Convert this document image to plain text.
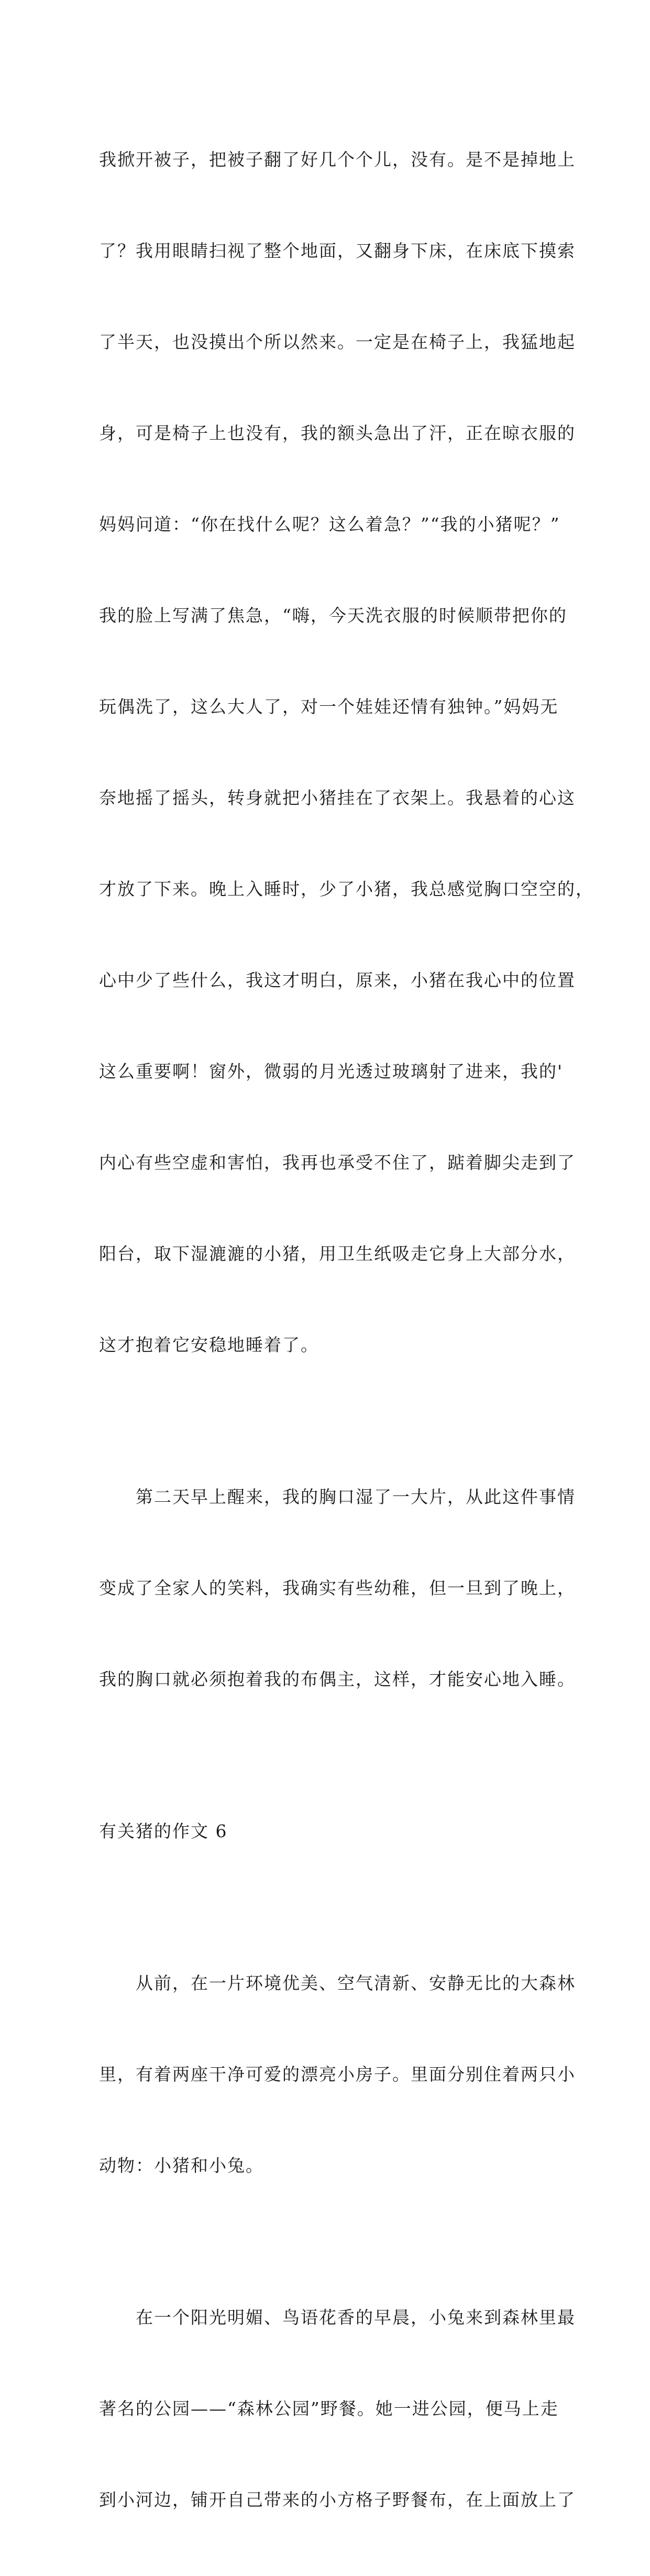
我掀开被子，把被子翻了好几个个儿，没有。是不是掉地上

了？我用眼睛扫视了整个地面，又翻身下床，在床底下摸索

了半天，也没摸出个所以然来。一定是在椅子上，我猛地起

身，可是椅子上也没有，我的额头急出了汗，正在晾衣服的

妈妈问道：“你在找什么呢？这么着急？”“我的小猪呢？”

我的脸上写满了焦急，“嗨，今天洗衣服的时候顺带把你的

玩偶洗了，这么大人了，对一个娃娃还情有独钟。”妈妈无

奈地摇了摇头，转身就把小猪挂在了衣架上。我悬着的心这

才放了下来。晚上入睡时，少了小猪，我总感觉胸口空空的，

心中少了些什么，我这才明白，原来，小猪在我心中的位置

这么重要啊！窗外，微弱的月光透过玻璃射了进来，我的'

内心有些空虚和害怕，我再也承受不住了，踮着脚尖走到了

阳台，取下湿漉漉的小猪，用卫生纸吸走它身上大部分水，

这才抱着它安稳地睡着了。

　　第二天早上醒来，我的胸口湿了一大片，从此这件事情

变成了全家人的笑料，我确实有些幼稚，但一旦到了晚上，

我的胸口就必须抱着我的布偶主，这样，才能安心地入睡。

有关猪的作文 6

　　从前，在一片环境优美、空气清新、安静无比的大森林

里，有着两座干净可爱的漂亮小房子。里面分别住着两只小

动物：小猪和小兔。

　　在一个阳光明媚、鸟语花香的早晨，小兔来到森林里最

著名的公园——“森林公园”野餐。她一进公园，便马上走

到小河边，铺开自己带来的小方格子野餐布，在上面放上了
